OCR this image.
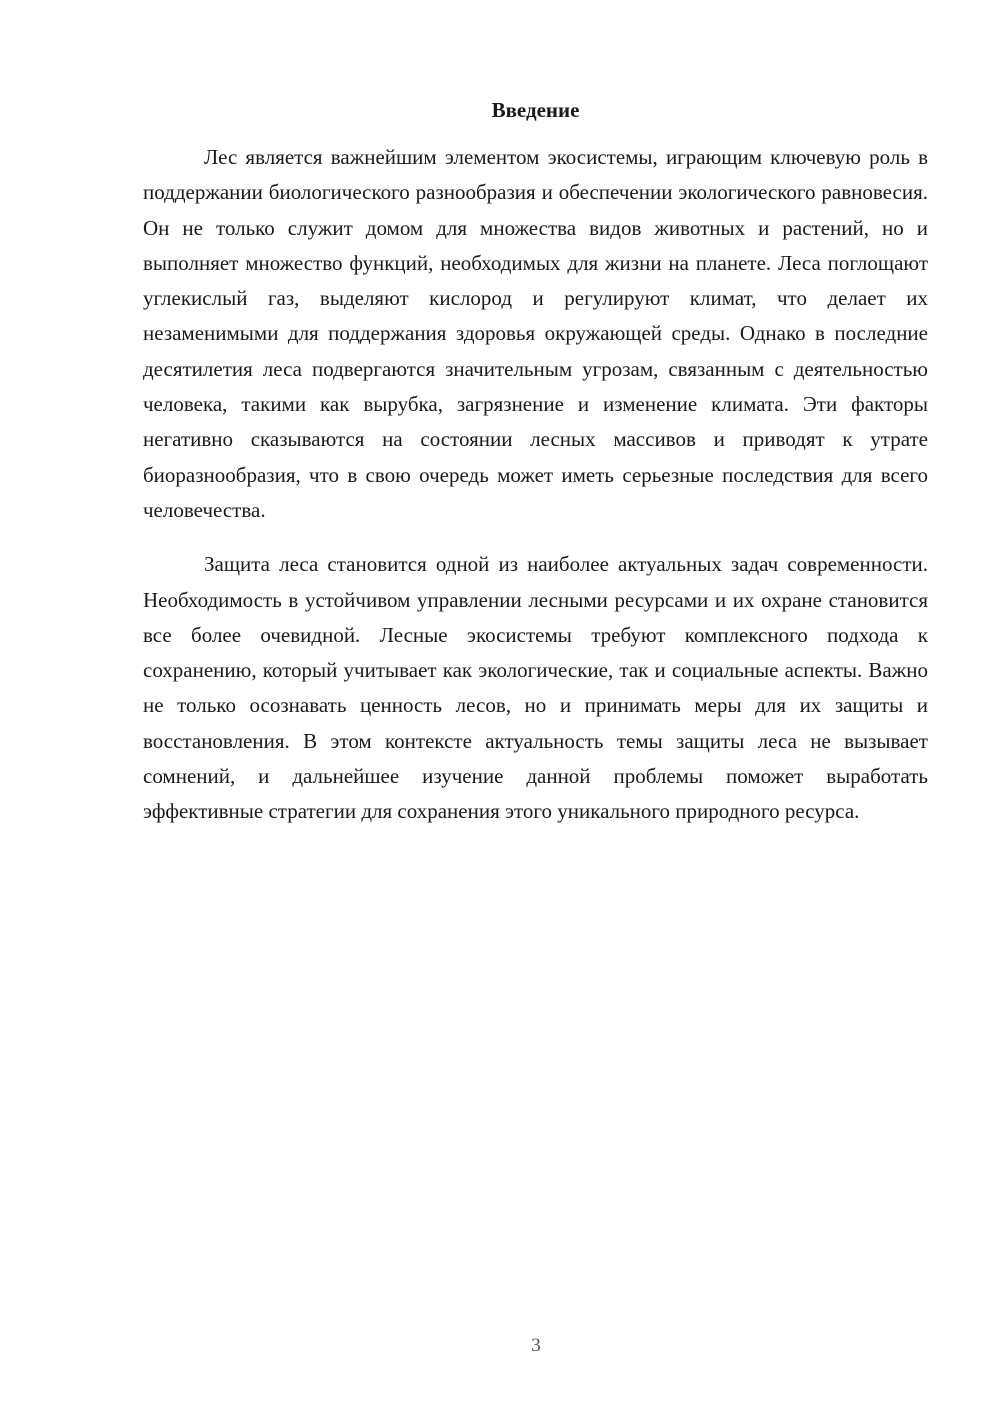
Введение

Лес является важнейшим элементом экосистемы, играющим ключевую роль в поддержании биологического разнообразия и обеспечении экологического равновесия. Он не только служит домом для множества видов животных и растений, но и выполняет множество функций, необходимых для жизни на планете. Леса поглощают углекислый газ, выделяют кислород и регулируют климат, что делает их незаменимыми для поддержания здоровья окружающей среды. Однако в последние десятилетия леса подвергаются значительным угрозам, связанным с деятельностью человека, такими как вырубка, загрязнение и изменение климата. Эти факторы негативно сказываются на состоянии лесных массивов и приводят к утрате биоразнообразия, что в свою очередь может иметь серьезные последствия для всего человечества.

Защита леса становится одной из наиболее актуальных задач современности. Необходимость в устойчивом управлении лесными ресурсами и их охране становится все более очевидной. Лесные экосистемы требуют комплексного подхода к сохранению, который учитывает как экологические, так и социальные аспекты. Важно не только осознавать ценность лесов, но и принимать меры для их защиты и восстановления. В этом контексте актуальность темы защиты леса не вызывает сомнений, и дальнейшее изучение данной проблемы поможет выработать эффективные стратегии для сохранения этого уникального природного ресурса.

3
